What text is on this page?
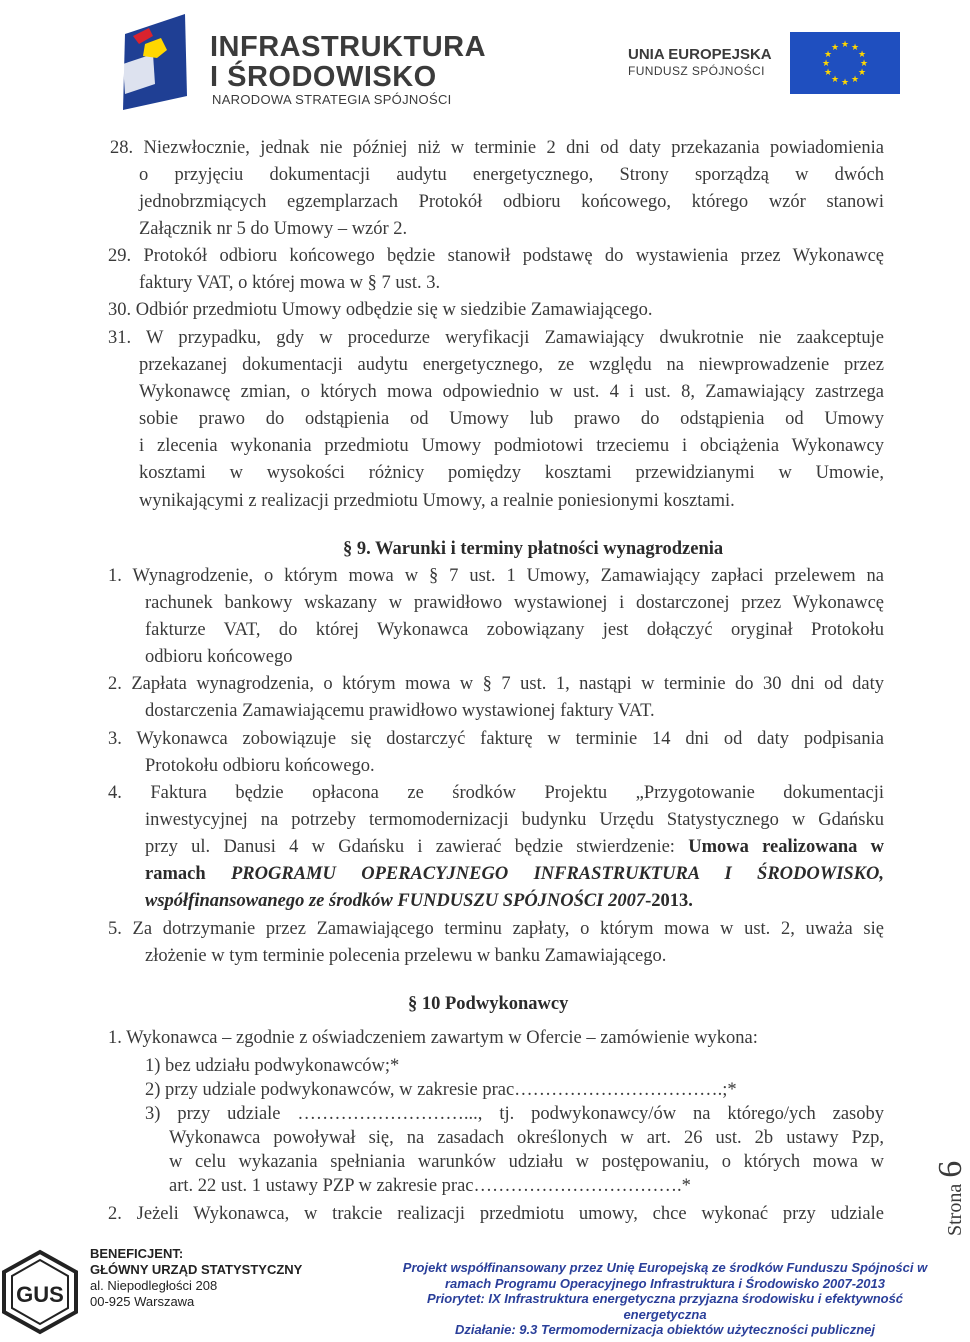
INFRASTRUKTURA
I ŚRODOWISKO
NARODOWA STRATEGIA SPÓJNOŚCI
UNIA EUROPEJSKA
FUNDUSZ SPÓJNOŚCI
★ ★
★
★
★
★
★
★
★
★
★
★
28. Niezwłocznie, jednak nie później niż w terminie 2 dni od daty przekazania powiadomienia
o przyjęciu dokumentacji audytu energetycznego, Strony sporządzą w dwóch
jednobrzmiących egzemplarzach Protokół odbioru końcowego, którego wzór stanowi
Załącznik nr 5 do Umowy – wzór 2.
29. Protokół odbioru końcowego będzie stanowił podstawę do wystawienia przez Wykonawcę
faktury VAT, o której mowa w § 7 ust. 3.
30. Odbiór przedmiotu Umowy odbędzie się w siedzibie Zamawiającego.
31. W przypadku, gdy w procedurze weryfikacji Zamawiający dwukrotnie nie zaakceptuje
przekazanej dokumentacji audytu energetycznego, ze względu na niewprowadzenie przez
Wykonawcę zmian, o których mowa odpowiednio w ust. 4 i ust. 8, Zamawiający zastrzega
sobie prawo do odstąpienia od Umowy lub prawo do odstąpienia od Umowy
i zlecenia wykonania przedmiotu Umowy podmiotowi trzeciemu i obciążenia Wykonawcy
kosztami w wysokości różnicy pomiędzy kosztami przewidzianymi w Umowie,
wynikającymi z realizacji przedmiotu Umowy, a realnie poniesionymi kosztami.
§ 9. Warunki i terminy płatności wynagrodzenia
1. Wynagrodzenie, o którym mowa w § 7 ust. 1 Umowy, Zamawiający zapłaci przelewem na
rachunek bankowy wskazany w prawidłowo wystawionej i dostarczonej przez Wykonawcę
fakturze VAT, do której Wykonawca zobowiązany jest dołączyć oryginał Protokołu
odbioru końcowego
2. Zapłata wynagrodzenia, o którym mowa w § 7 ust. 1, nastąpi w terminie do 30 dni od daty
dostarczenia Zamawiającemu prawidłowo wystawionej faktury VAT.
3. Wykonawca zobowiązuje się dostarczyć fakturę w terminie 14 dni od daty podpisania
Protokołu odbioru końcowego.
4. Faktura będzie opłacona ze środków Projektu „Przygotowanie dokumentacji
inwestycyjnej na potrzeby termomodernizacji budynku Urzędu Statystycznego w Gdańsku
przy ul. Danusi 4 w Gdańsku i zawierać będzie stwierdzenie: Umowa realizowana w
ramach PROGRAMU OPERACYJNEGO INFRASTRUKTURA I ŚRODOWISKO,
współfinansowanego ze środków FUNDUSZU SPÓJNOŚCI 2007-2013.
5. Za dotrzymanie przez Zamawiającego terminu zapłaty, o którym mowa w ust. 2, uważa się
złożenie w tym terminie polecenia przelewu w banku Zamawiającego.
§ 10 Podwykonawcy
1. Wykonawca – zgodnie z oświadczeniem zawartym w Ofercie – zamówienie wykona:
1) bez udziału podwykonawców;*
2) przy udziale podwykonawców, w zakresie prac…………………………….;*
3) przy udziale ………………………..., tj. podwykonawcy/ów na którego/ych zasoby
Wykonawca powoływał się, na zasadach określonych w art. 26 ust. 2b ustawy Pzp,
w celu wykazania spełniania warunków udziału w postępowaniu, o których mowa w
art. 22 ust. 1 ustawy PZP w zakresie prac…………………………….*
2. Jeżeli Wykonawca, w trakcie realizacji przedmiotu umowy, chce wykonać przy udziale	Strona6
GUS
BENEFICJENT:
GŁÓWNY URZĄD STATYSTYCZNY
al. Niepodległości 208
00-925 Warszawa
Projekt współfinansowany przez Unię Europejską ze środków Funduszu Spójności w
ramach Programu Operacyjnego Infrastruktura i Środowisko 2007-2013
Priorytet: IX Infrastruktura energetyczna przyjazna środowisku i efektywność
energetyczna
Działanie: 9.3 Termomodernizacja obiektów użyteczności publicznej
